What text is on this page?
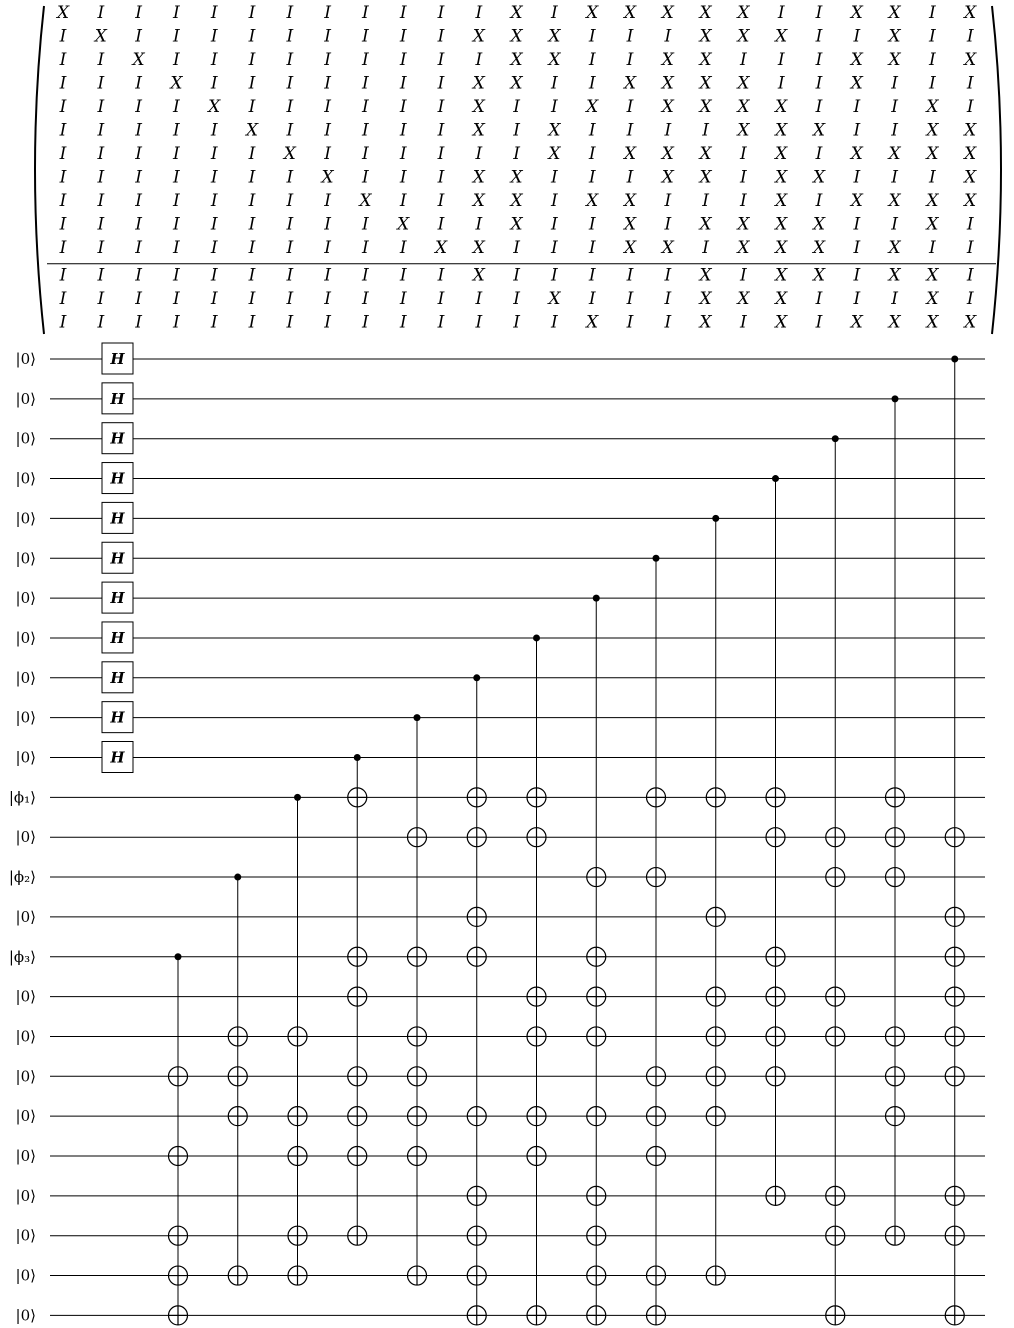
X I I I I I I I I I I I X I X X X X X I I X X I X
I X I I I I I I I I I X X X I I I X X X I I X I I
I I X I I I I I I I I I X X I I X X I I I X X I X
I I I X I I I I I I I X X I I X X X X I I X I I I
I I I I X I I I I I I X I I X I X X X X I I I X I
I I I I I X I I I I I X I X I I I I X X X I I X X
I I I I I I X I I I I I I X I X X X I X I X X X X
I I I I I I I X I I I X X I I I X X I X X I I I X
I I I I I I I I X I I X X I X X I I I X I X X X X
I I I I I I I I I X I I X I I X I X X X X I I X I
I I I I I I I I I I X X I I I X X I X X X I X I I
I I I I I I I I I I I X I I I I I X I X X I X X I
I I I I I I I I I I I I I X I I I X X X I I I X I
I I I I I I I I I I I I I I X I I X I X I X X X X
|0⟩
|0⟩
|0⟩
|0⟩
|0⟩
|0⟩
|0⟩
|0⟩
|0⟩
|0⟩
|0⟩
|ϕ₁⟩
|0⟩
|ϕ₂⟩
|0⟩
|ϕ₃⟩
|0⟩
|0⟩
|0⟩
|0⟩
|0⟩
|0⟩
|0⟩
|0⟩
|0⟩
H
H
H
H
H
H
H
H
H
H
H
